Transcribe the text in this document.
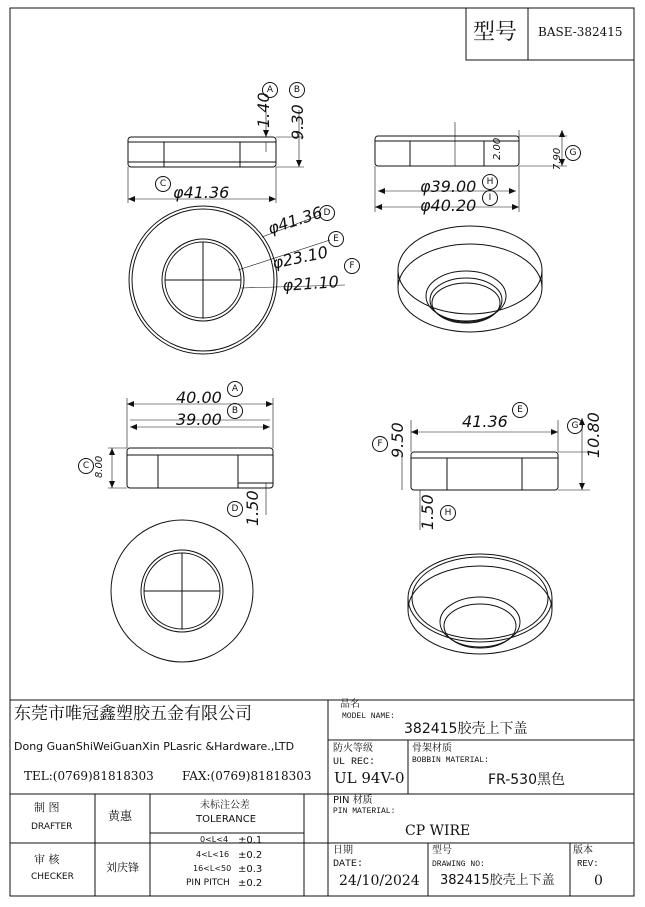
型号 BASE-382415
1.40 9.30
φ41.36
2.00	7.90
φ39.00
φ40.20
φ41.36
φ23.10
φ21.10
40.00
39.00
8.00
1.50
41.36
9.50	10.80
1.50
A	B
C
G
H
I
D
E
F
A
B
C
D
E
F
G
H
东莞市唯冠鑫塑胶五金有限公司
Dong GuanShiWeiGuanXin PLasric &Hardware.,LTD
TEL:(0769)81818303 FAX:(0769)81818303
品名
MODEL NAME:
382415胶壳上下盖
防火等级
UL REC:
UL 94V-0
骨架材质
BOBBIN MATERIAL:
FR-530黑色
PIN 材质
PIN MATERIAL:
CP WIRE
制 图
DRAFTER
黄惠
审 核
CHECKER
刘庆锋
未标注公差
TOLERANCE
0<L<4 ±0.1
4<L<16 ±0.2
16<L<50 ±0.3
PIN PITCH ±0.2
日期
DATE:
24/10/2024
型号
DRAWING NO:
382415胶壳上下盖
版本
REV:
0
